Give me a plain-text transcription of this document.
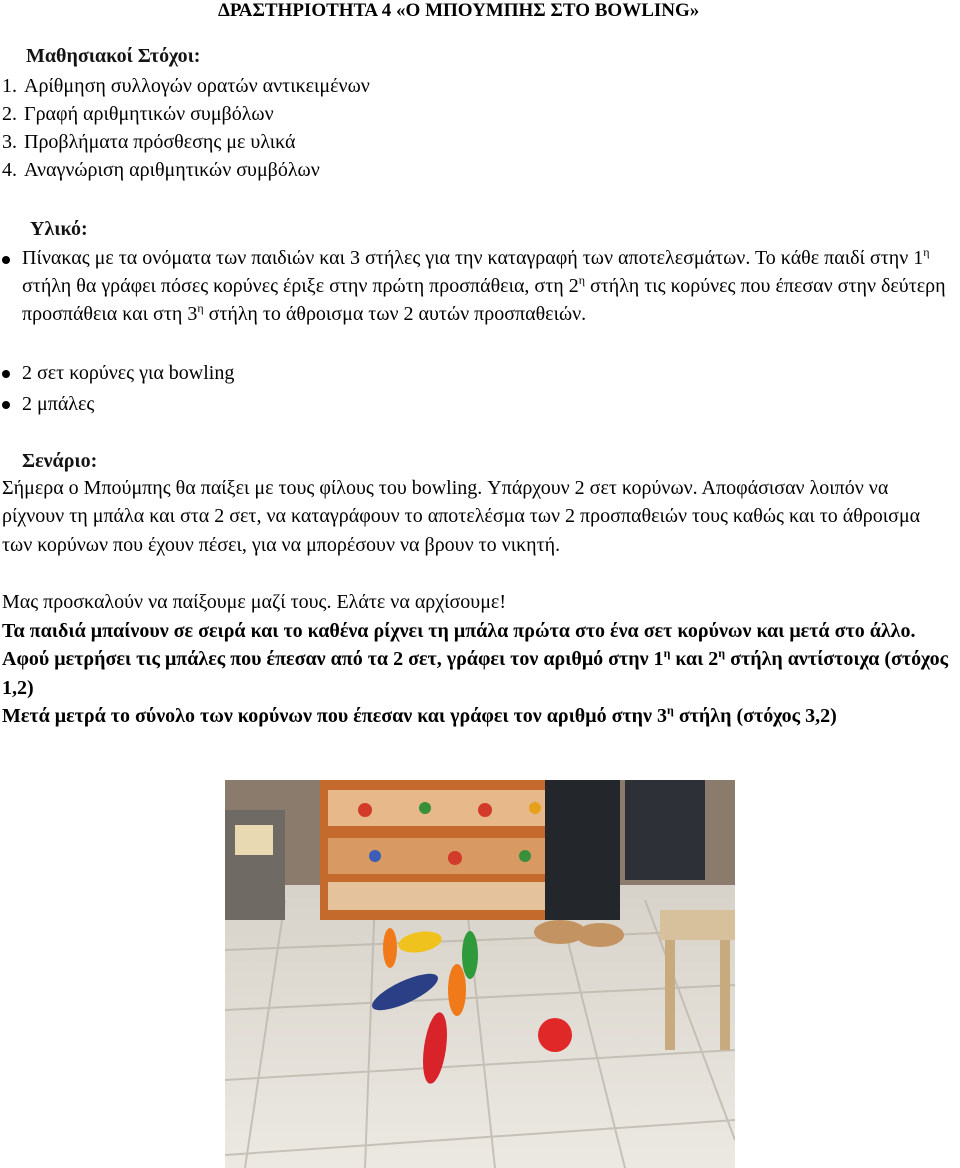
ΔΡΑΣΤΗΡΙΟΤΗΤΑ 4 «Ο ΜΠΟΥΜΠΗΣ ΣΤΟ BOWLING»
Μαθησιακοί Στόχοι:
1. Αρίθμηση συλλογών ορατών αντικειμένων
2. Γραφή αριθμητικών συμβόλων
3. Προβλήματα πρόσθεσης με υλικά
4. Αναγνώριση αριθμητικών συμβόλων
Υλικό:
Πίνακας με τα ονόματα των παιδιών και 3 στήλες για την καταγραφή των αποτελεσμάτων. Το κάθε παιδί στην $1^\eta$ στήλη θα γράφει πόσες κορύνες έριξε στην πρώτη προσπάθεια, στη $2^\eta$ στήλη τις κορύνες που έπεσαν στην δεύτερη προσπάθεια και στη $3^\eta$ στήλη το άθροισμα των 2 αυτών προσπαθειών.
2 σετ κορύνες για bowling
2 μπάλες
Σενάριο:
Σήμερα ο Μπούμπης θα παίξει με τους φίλους του bowling. Υπάρχουν 2 σετ κορύνων. Αποφάσισαν λοιπόν να ρίχνουν τη μπάλα και στα 2 σετ, να καταγράφουν το αποτελέσμα των 2 προσπαθειών τους καθώς και το άθροισμα των κορύνων που έχουν πέσει, για να μπορέσουν να βρουν το νικητή.
Μας προσκαλούν να παίξουμε μαζί τους. Ελάτε να αρχίσουμε!
Τα παιδιά μπαίνουν σε σειρά και το καθένα ρίχνει τη μπάλα πρώτα στο ένα σετ κορύνων και μετά στο άλλο. Αφού μετρήσει τις μπάλες που έπεσαν από τα 2 σετ, γράφει τον αριθμό στην $1^\eta$ και $2^\eta$ στήλη αντίστοιχα (στόχος 1,2)
Μετά μετρά το σύνολο των κορύνων που έπεσαν και γράφει τον αριθμό στην $3^\eta$ στήλη (στόχος 3,2)
